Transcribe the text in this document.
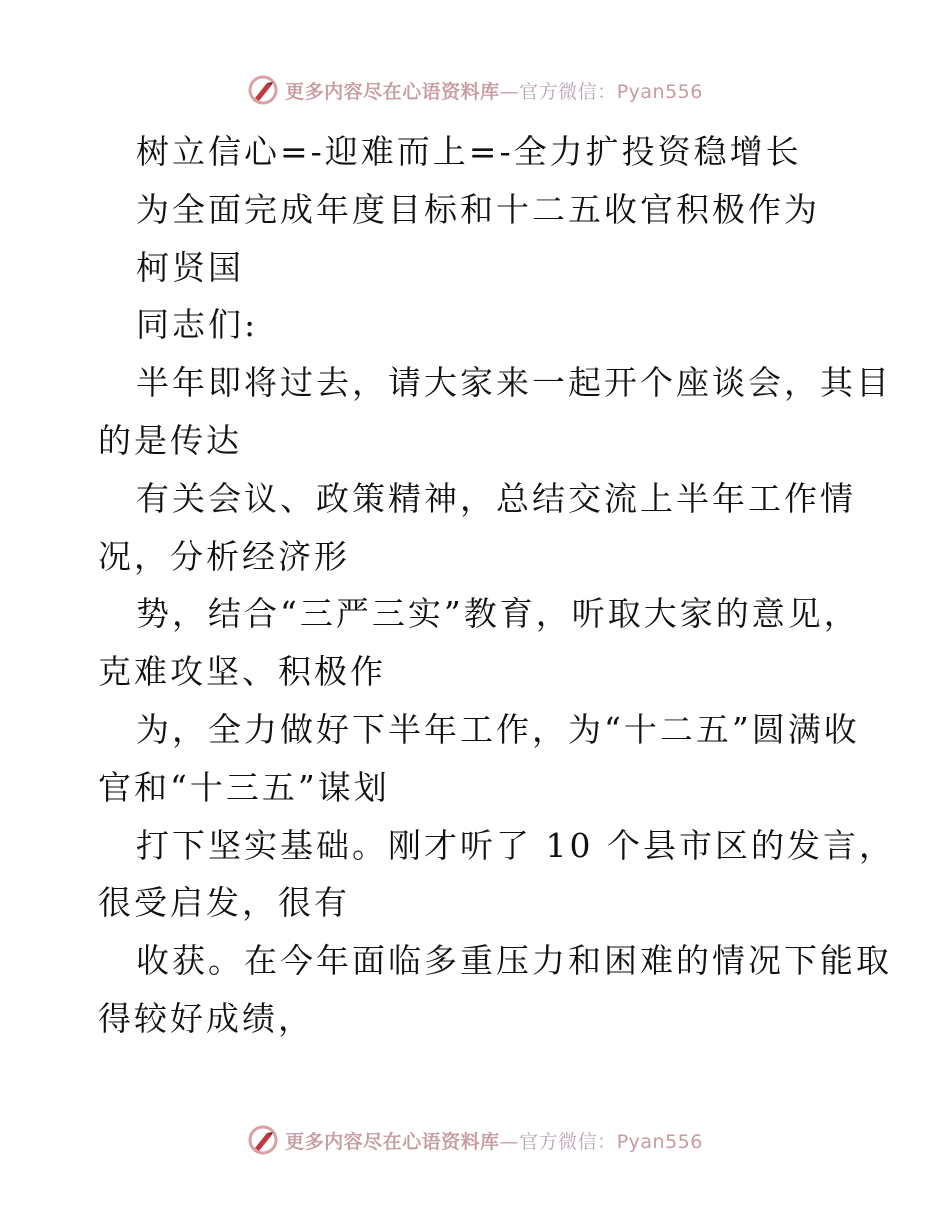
更多内容尽在心语资料库—官方微信：Pyan556
树立信心=-迎难而上=-全力扩投资稳增长
为全面完成年度目标和十二五收官积极作为
柯贤国
同志们:
半年即将过去，请大家来一起开个座谈会，其目
的是传达
有关会议、政策精神，总结交流上半年工作情
况，分析经济形
势，结合“三严三实”教育，听取大家的意见，
克难攻坚、积极作
为，全力做好下半年工作，为“十二五”圆满收
官和“十三五”谋划
打下坚实基础。刚才听了 10 个县市区的发言，
很受启发，很有
收获。在今年面临多重压力和困难的情况下能取
得较好成绩，
更多内容尽在心语资料库—官方微信：Pyan556
